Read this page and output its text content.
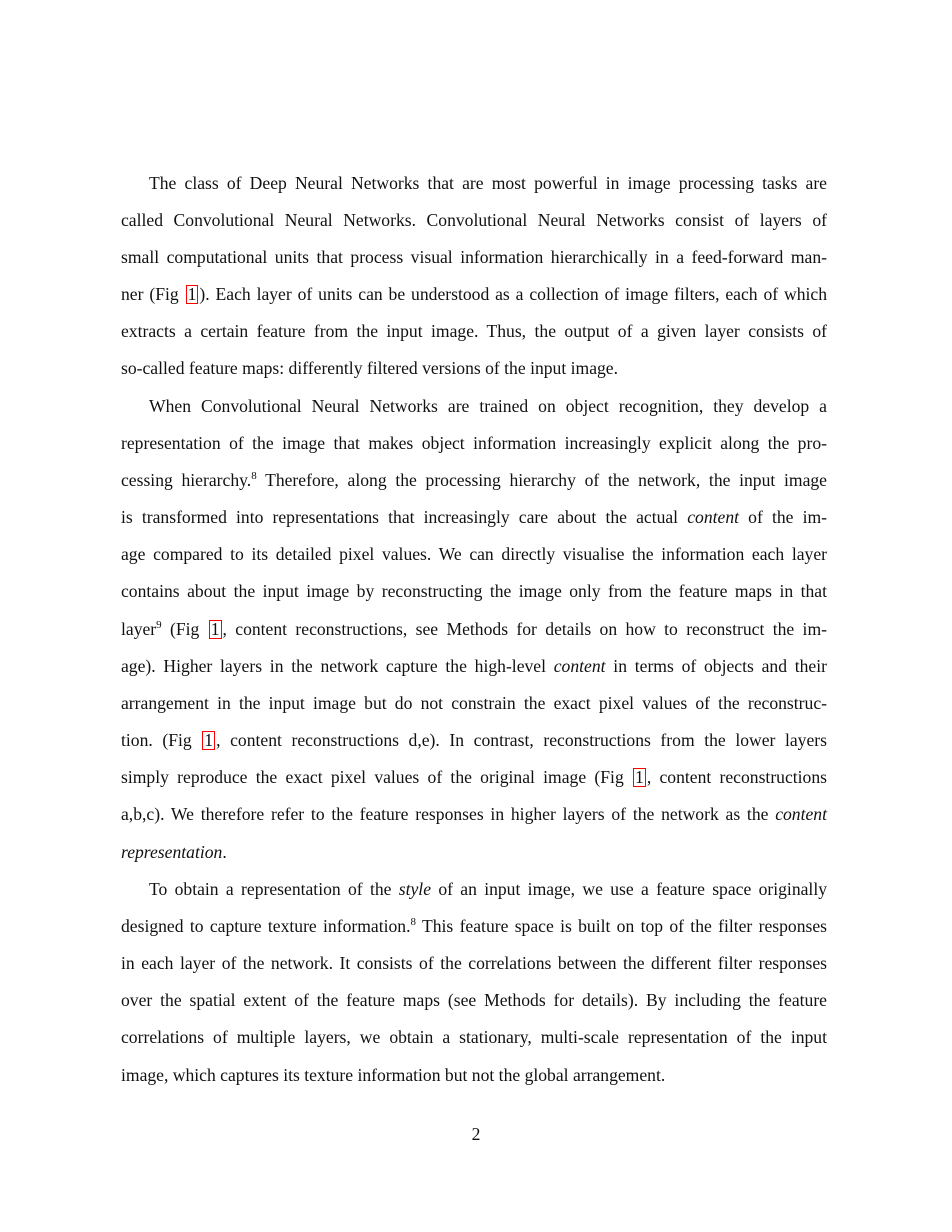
The class of Deep Neural Networks that are most powerful in image processing tasks are
called Convolutional Neural Networks. Convolutional Neural Networks consist of layers of
small computational units that process visual information hierarchically in a feed-forward man-
ner (Fig 1 ). Each layer of units can be understood as a collection of image filters, each of which
extracts a certain feature from the input image. Thus, the output of a given layer consists of
so-called feature maps: differently filtered versions of the input image.
When Convolutional Neural Networks are trained on object recognition, they develop a
representation of the image that makes object information increasingly explicit along the pro-
cessing hierarchy.$^8$ Therefore, along the processing hierarchy of the network, the input image
is transformed into representations that increasingly care about the actual content of the im-
age compared to its detailed pixel values. We can directly visualise the information each layer
contains about the input image by reconstructing the image only from the feature maps in that
layer$^9$ (Fig 1 , content reconstructions, see Methods for details on how to reconstruct the im-
age). Higher layers in the network capture the high-level content in terms of objects and their
arrangement in the input image but do not constrain the exact pixel values of the reconstruc-
tion. (Fig 1 , content reconstructions d,e). In contrast, reconstructions from the lower layers
simply reproduce the exact pixel values of the original image (Fig 1 , content reconstructions
a,b,c). We therefore refer to the feature responses in higher layers of the network as the content
representation.
To obtain a representation of the style of an input image, we use a feature space originally
designed to capture texture information.$^8$ This feature space is built on top of the filter responses
in each layer of the network. It consists of the correlations between the different filter responses
over the spatial extent of the feature maps (see Methods for details). By including the feature
correlations of multiple layers, we obtain a stationary, multi-scale representation of the input
image, which captures its texture information but not the global arrangement.
2
